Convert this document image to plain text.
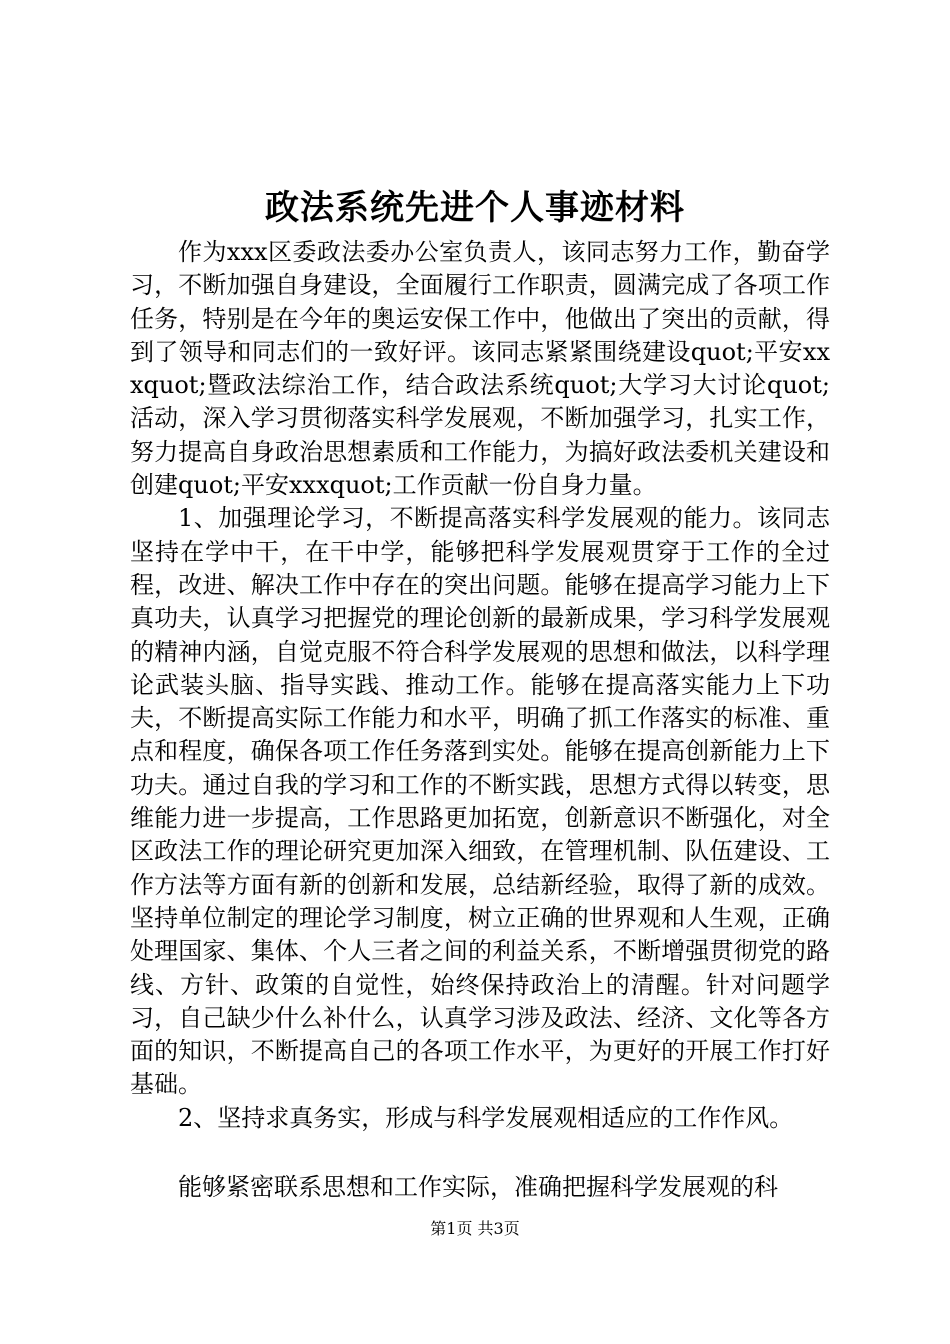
政法系统先进个人事迹材料

作为xxx区委政法委办公室负责人，该同志努力工作，勤奋学习，不断加强自身建设，全面履行工作职责，圆满完成了各项工作任务，特别是在今年的奥运安保工作中，他做出了突出的贡献，得到了领导和同志们的一致好评。该同志紧紧围绕建设quot;平安xxxquot;暨政法综治工作，结合政法系统quot;大学习大讨论quot;活动，深入学习贯彻落实科学发展观，不断加强学习，扎实工作，努力提高自身政治思想素质和工作能力，为搞好政法委机关建设和创建quot;平安xxxquot;工作贡献一份自身力量。

1、加强理论学习，不断提高落实科学发展观的能力。该同志坚持在学中干，在干中学，能够把科学发展观贯穿于工作的全过程，改进、解决工作中存在的突出问题。能够在提高学习能力上下真功夫，认真学习把握党的理论创新的最新成果，学习科学发展观的精神内涵，自觉克服不符合科学发展观的思想和做法，以科学理论武装头脑、指导实践、推动工作。能够在提高落实能力上下功夫，不断提高实际工作能力和水平，明确了抓工作落实的标准、重点和程度，确保各项工作任务落到实处。能够在提高创新能力上下功夫。通过自我的学习和工作的不断实践，思想方式得以转变，思维能力进一步提高，工作思路更加拓宽，创新意识不断强化，对全区政法工作的理论研究更加深入细致，在管理机制、队伍建设、工作方法等方面有新的创新和发展，总结新经验，取得了新的成效。坚持单位制定的理论学习制度，树立正确的世界观和人生观，正确处理国家、集体、个人三者之间的利益关系，不断增强贯彻党的路线、方针、政策的自觉性，始终保持政治上的清醒。针对问题学习，自己缺少什么补什么，认真学习涉及政法、经济、文化等各方面的知识，不断提高自己的各项工作水平，为更好的开展工作打好基础。

2、坚持求真务实，形成与科学发展观相适应的工作作风。

能够紧密联系思想和工作实际，准确把握科学发展观的科

第1页 共3页
